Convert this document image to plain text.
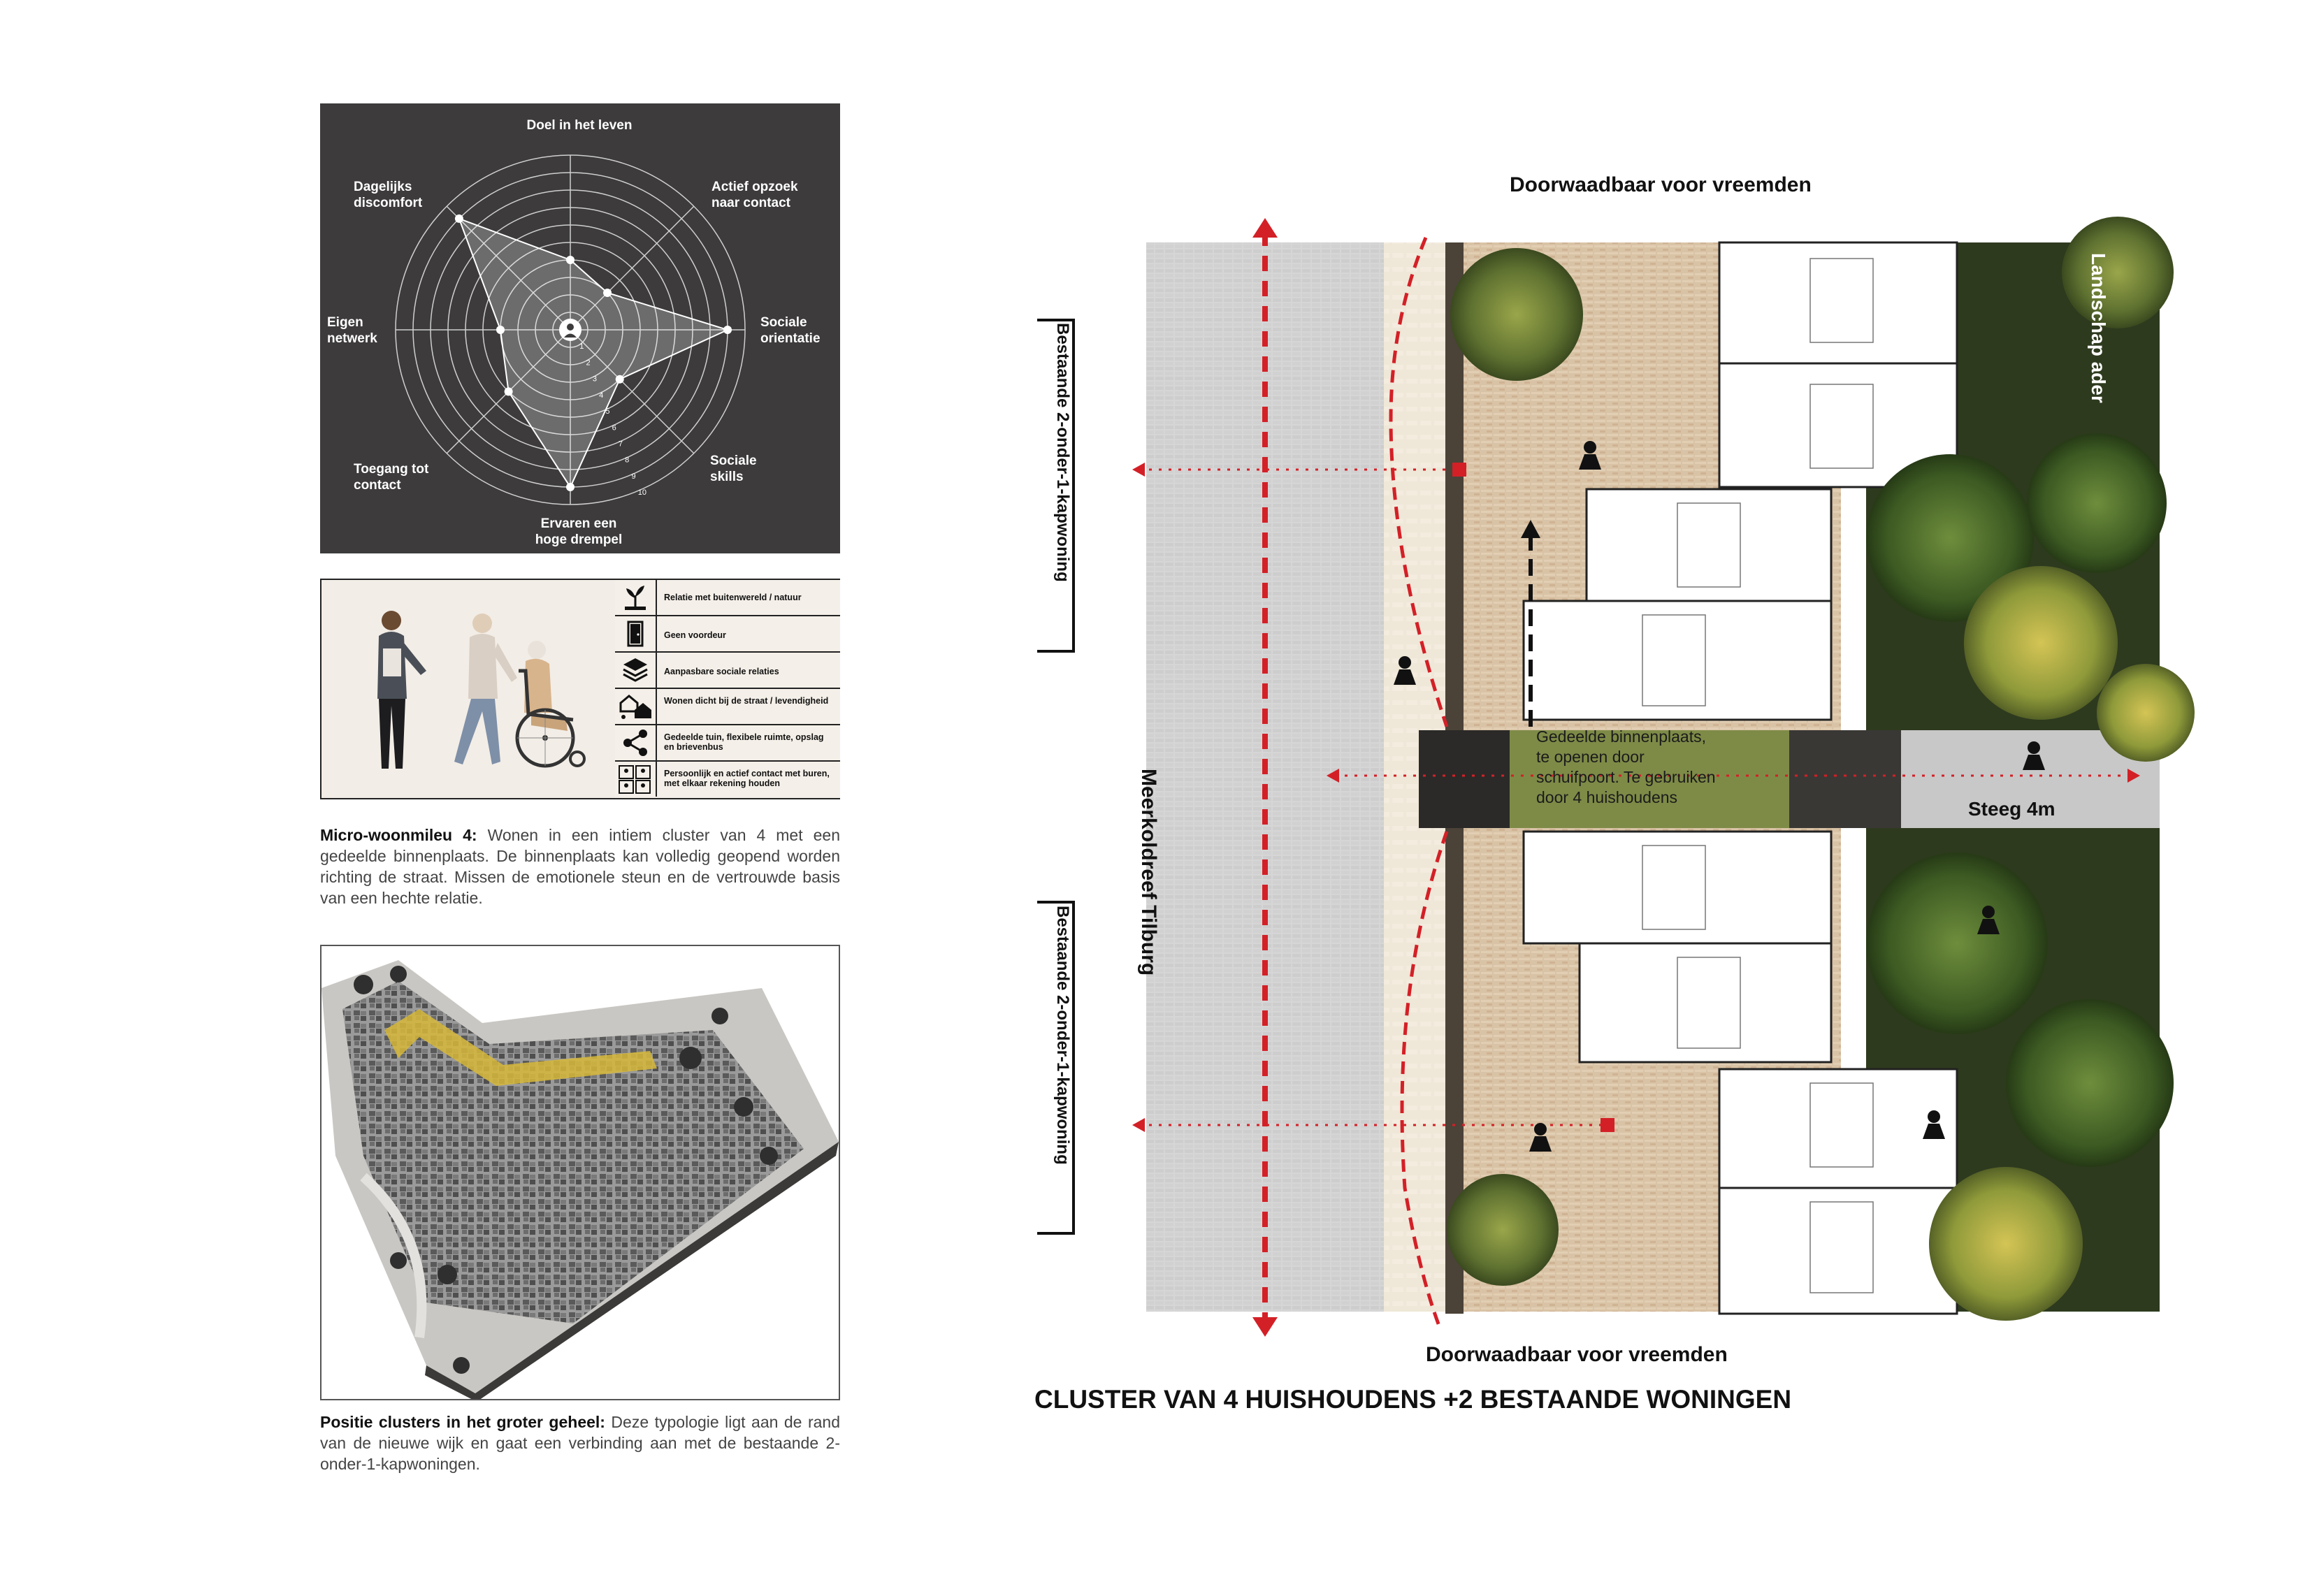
1
2
3
4
5
6
7
8
9
10
Doel in het leven
Actief opzoek
naar contact
Sociale
orientatie
Sociale
skills
Ervaren een
hoge drempel
Toegang tot
contact
Eigen
netwerk
Dagelijks
discomfort
Relatie met buitenwereld / natuur
Geen voordeur
Aanpasbare sociale relaties
Wonen dicht bij de straat / levendigheid
Gedeelde tuin, flexibele ruimte, opslag en brievenbus
Persoonlijk en actief contact met buren, met elkaar rekening houden
Micro-woonmileu 4: Wonen in een intiem cluster van 4 met een gedeelde binnenplaats. De binnenplaats kan volledig geopend worden richting de straat. Missen de emotionele steun en de vertrouwde basis van een hechte relatie.
Positie clusters in het groter geheel: Deze typologie ligt aan de rand van de nieuwe wijk en gaat een verbinding aan met de bestaande 2-onder-1-kapwoningen.
Doorwaadbaar voor vreemden
Meerkoldreef Tilburg
Bestaande 2-onder-1-kapwoning
Bestaande 2-onder-1-kapwoning
Landschap ader
Gedeelde binnenplaats,
te openen door
schuifpoort. Te gebruiken
door 4 huishoudens
Steeg 4m
Doorwaadbaar voor vreemden
CLUSTER VAN 4 HUISHOUDENS +2 BESTAANDE WONINGEN
